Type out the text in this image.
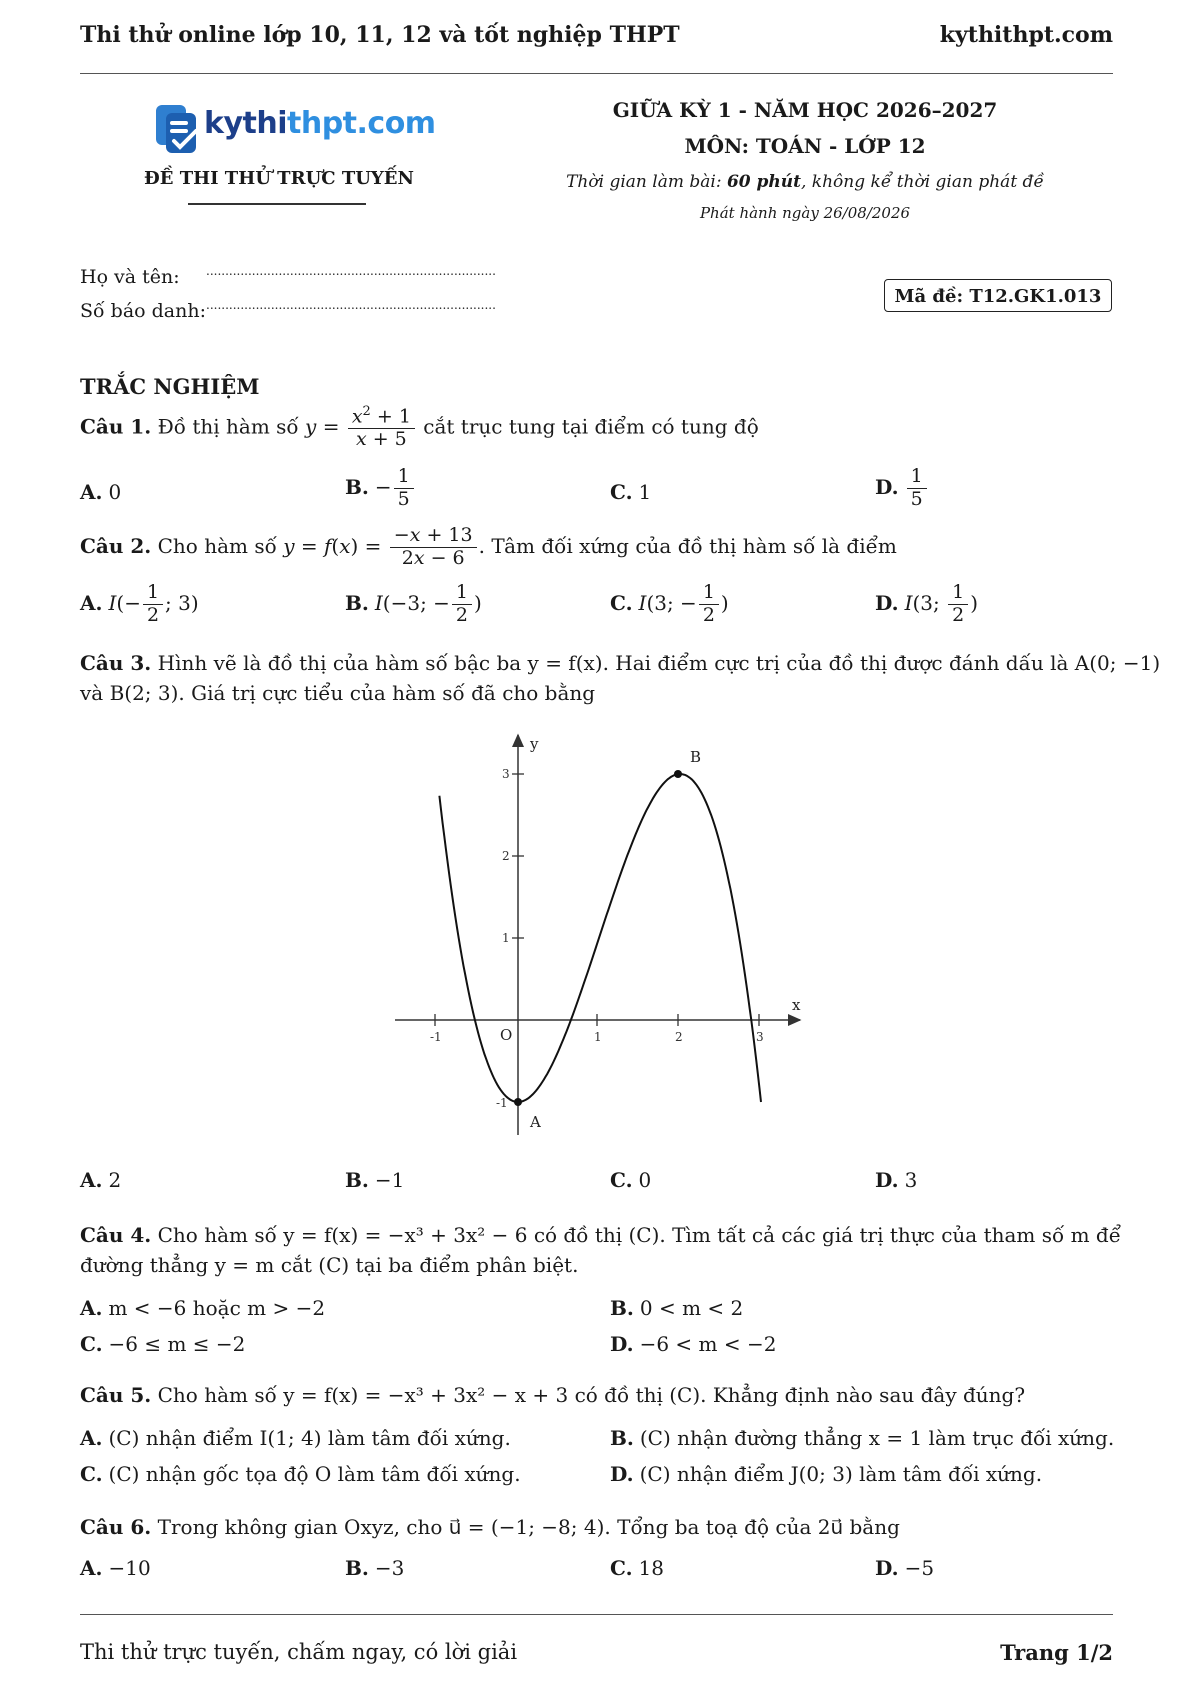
Thi thử online lớp 10, 11, 12 và tốt nghiệp THPT	kythithpt.com
kythithpt.com
ĐỀ THI THỬ TRỰC TUYẾN
GIỮA KỲ 1 - NĂM HỌC 2026–2027
MÔN: TOÁN - LỚP 12
Thời gian làm bài: 60 phút, không kể thời gian phát đề
Phát hành ngày 26/08/2026
Họ và tên: ............................................................................
Số báo danh: ............................................................................	Mã đề: T12.GK1.013
TRẮC NGHIỆM
Câu 1. Đồ thị hàm số $y = \frac{x^2 + 1}{x + 5}$ cắt trục tung tại điểm có tung độ
A. 0	B. − $\frac{1}{5}$	C. 1	D. $\frac{1}{5}$
Câu 2. Cho hàm số $y = f(x) = \frac{-x + 13}{2x - 6}$ . Tâm đối xứng của đồ thị hàm số là điểm
A. $I(- \frac{1}{2}$ ; 3)	B. I(−3; − $\frac{1}{2}$ )	C. I(3; − $\frac{1}{2}$ )	D. I(3; $\frac{1}{2}$ )
Câu 3. Hình vẽ là đồ thị của hàm số bậc ba y = f(x). Hai điểm cực trị của đồ thị được đánh dấu là A(0; −1)
và B(2; 3). Giá trị cực tiểu của hàm số đã cho bằng
-1	1	2	3
-1
1
2
3
x
y
O
A
B
A. 2	B. −1	C. 0	D. 3
Câu 4. Cho hàm số y = f(x) = −x³ + 3x² − 6 có đồ thị (C). Tìm tất cả các giá trị thực của tham số m để
đường thẳng y = m cắt (C) tại ba điểm phân biệt.
A. m < −6 hoặc m > −2	B. 0 < m < 2
C. −6 ≤ m ≤ −2	D. −6 < m < −2
Câu 5. Cho hàm số y = f(x) = −x³ + 3x² − x + 3 có đồ thị (C). Khẳng định nào sau đây đúng?
A. (C) nhận điểm I(1; 4) làm tâm đối xứng.	B. (C) nhận đường thẳng x = 1 làm trục đối xứng.
C. (C) nhận gốc tọa độ O làm tâm đối xứng.	D. (C) nhận điểm J(0; 3) làm tâm đối xứng.
Câu 6. Trong không gian Oxyz, cho u⃗ = (−1; −8; 4). Tổng ba toạ độ của 2u⃗ bằng
A. −10	B. −3	C. 18	D. −5
Thi thử trực tuyến, chấm ngay, có lời giải	Trang 1/2
